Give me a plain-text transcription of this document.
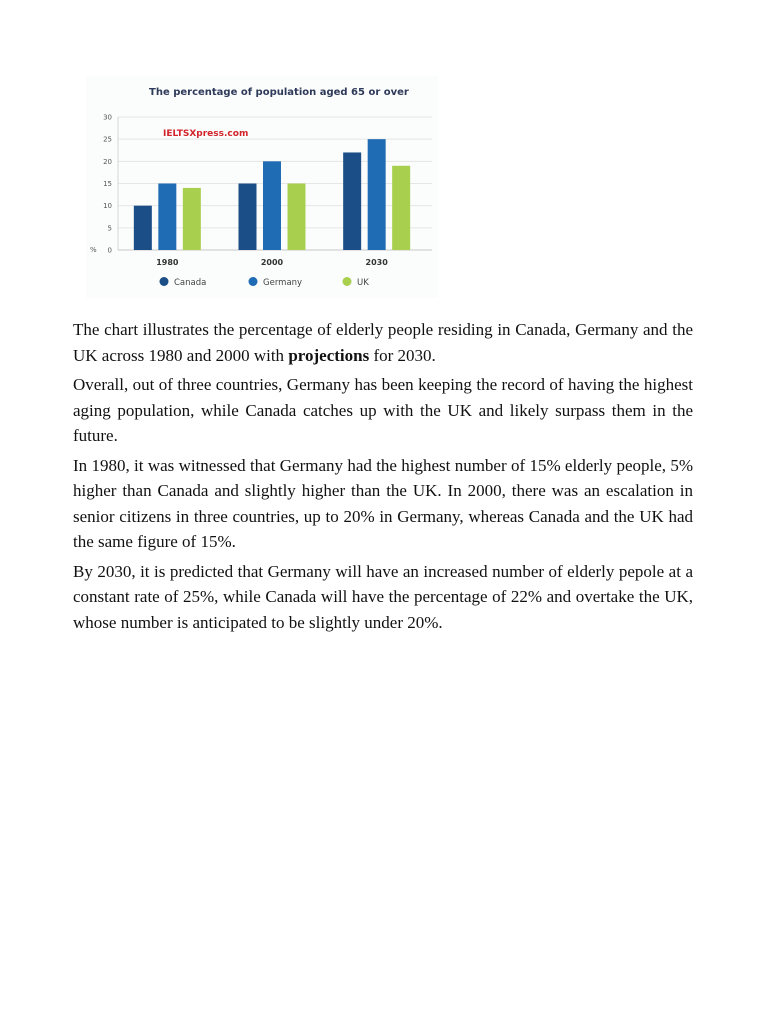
The percentage of population aged 65 or over
IELTSXpress.com
0
5
10
15
20
25
30
%
1980	2000	2030
Canada	Germany	UK

The chart illustrates the percentage of elderly people residing in Canada, Germany and the UK across 1980 and 2000 with projections for 2030.

Overall, out of three countries, Germany has been keeping the record of having the highest aging population, while Canada catches up with the UK and likely surpass them in the future.

In 1980, it was witnessed that Germany had the highest number of 15% elderly people, 5% higher than Canada and slightly higher than the UK. In 2000, there was an escalation in senior citizens in three countries, up to 20% in Germany, whereas Canada and the UK had the same figure of 15%.

By 2030, it is predicted that Germany will have an increased number of elderly pepole at a constant rate of 25%, while Canada will have the percentage of 22% and overtake the UK, whose number is anticipated to be slightly under 20%.
